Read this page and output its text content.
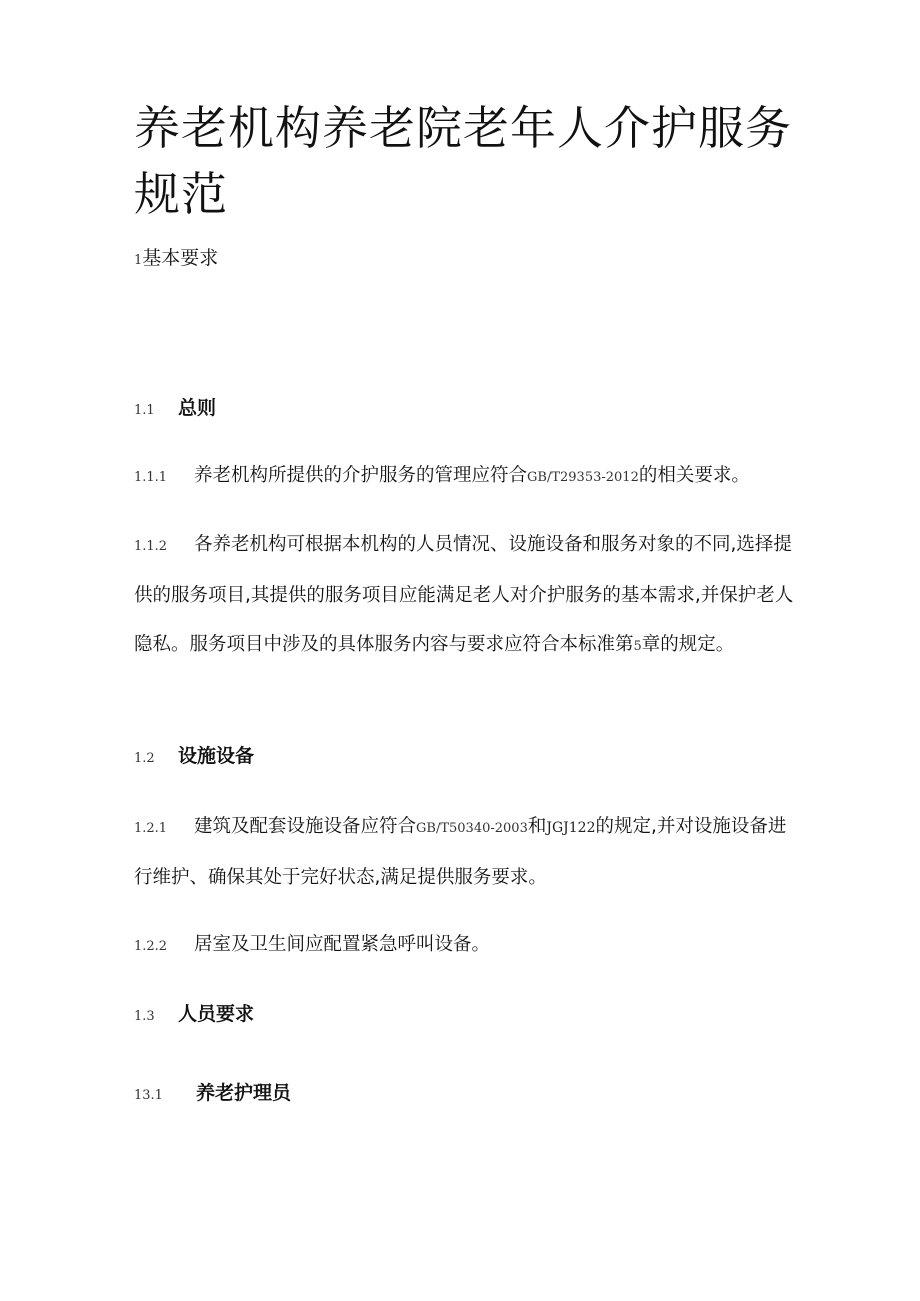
养老机构养老院老年人介护服务规范
1基本要求
1.1 总则
1.1.1 养老机构所提供的介护服务的管理应符合GB/T29353-2012的相关要求。
1.1.2 各养老机构可根据本机构的人员情况、设施设备和服务对象的不同,选择提供的服务项目,其提供的服务项目应能满足老人对介护服务的基本需求,并保护老人隐私。服务项目中涉及的具体服务内容与要求应符合本标准第5章的规定。
1.2 设施设备
1.2.1 建筑及配套设施设备应符合GB/T50340-2003和JGJ122的规定,并对设施设备进行维护、确保其处于完好状态,满足提供服务要求。
1.2.2 居室及卫生间应配置紧急呼叫设备。
1.3 人员要求
13.1 养老护理员
